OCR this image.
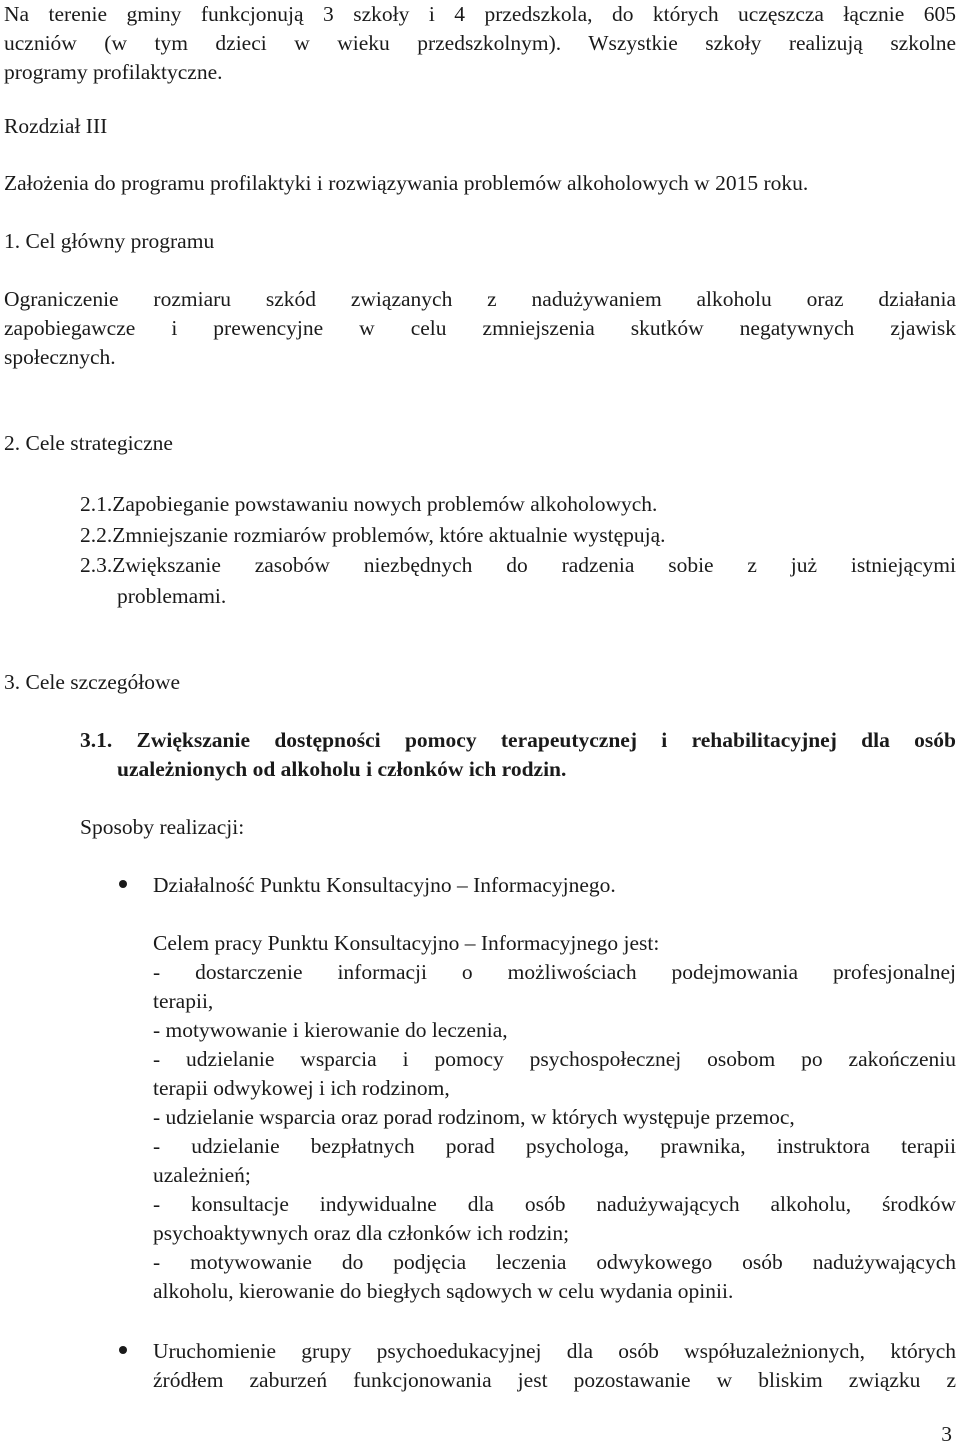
Na terenie gminy funkcjonują 3 szkoły i 4 przedszkola, do których uczęszcza łącznie 605
uczniów (w tym dzieci w wieku przedszkolnym). Wszystkie szkoły realizują szkolne
programy profilaktyczne.
Rozdział III
Założenia do programu profilaktyki i rozwiązywania problemów alkoholowych w 2015 roku.
1. Cel główny programu
Ograniczenie rozmiaru szkód związanych z nadużywaniem alkoholu oraz działania
zapobiegawcze i prewencyjne w celu zmniejszenia skutków negatywnych zjawisk
społecznych.
2. Cele strategiczne
2.1.Zapobieganie powstawaniu nowych problemów alkoholowych.
2.2.Zmniejszanie rozmiarów problemów, które aktualnie występują.
2.3.Zwiększanie zasobów niezbędnych do radzenia sobie z już istniejącymi
problemami.
3. Cele szczegółowe
3.1. Zwiększanie dostępności pomocy terapeutycznej i rehabilitacyjnej dla osób
uzależnionych od alkoholu i członków ich rodzin.
Sposoby realizacji:
Działalność Punktu Konsultacyjno – Informacyjnego.
Celem pracy Punktu Konsultacyjno – Informacyjnego jest:
- dostarczenie informacji o możliwościach podejmowania profesjonalnej
terapii,
- motywowanie i kierowanie do leczenia,
- udzielanie wsparcia i pomocy psychospołecznej osobom po zakończeniu
terapii odwykowej i ich rodzinom,
- udzielanie wsparcia oraz porad rodzinom, w których występuje przemoc,
- udzielanie bezpłatnych porad psychologa, prawnika, instruktora terapii
uzależnień;
- konsultacje indywidualne dla osób nadużywających alkoholu, środków
psychoaktywnych oraz dla członków ich rodzin;
- motywowanie do podjęcia leczenia odwykowego osób nadużywających
alkoholu, kierowanie do biegłych sądowych w celu wydania opinii.
Uruchomienie grupy psychoedukacyjnej dla osób współuzależnionych, których
źródłem zaburzeń funkcjonowania jest pozostawanie w bliskim związku z
3
